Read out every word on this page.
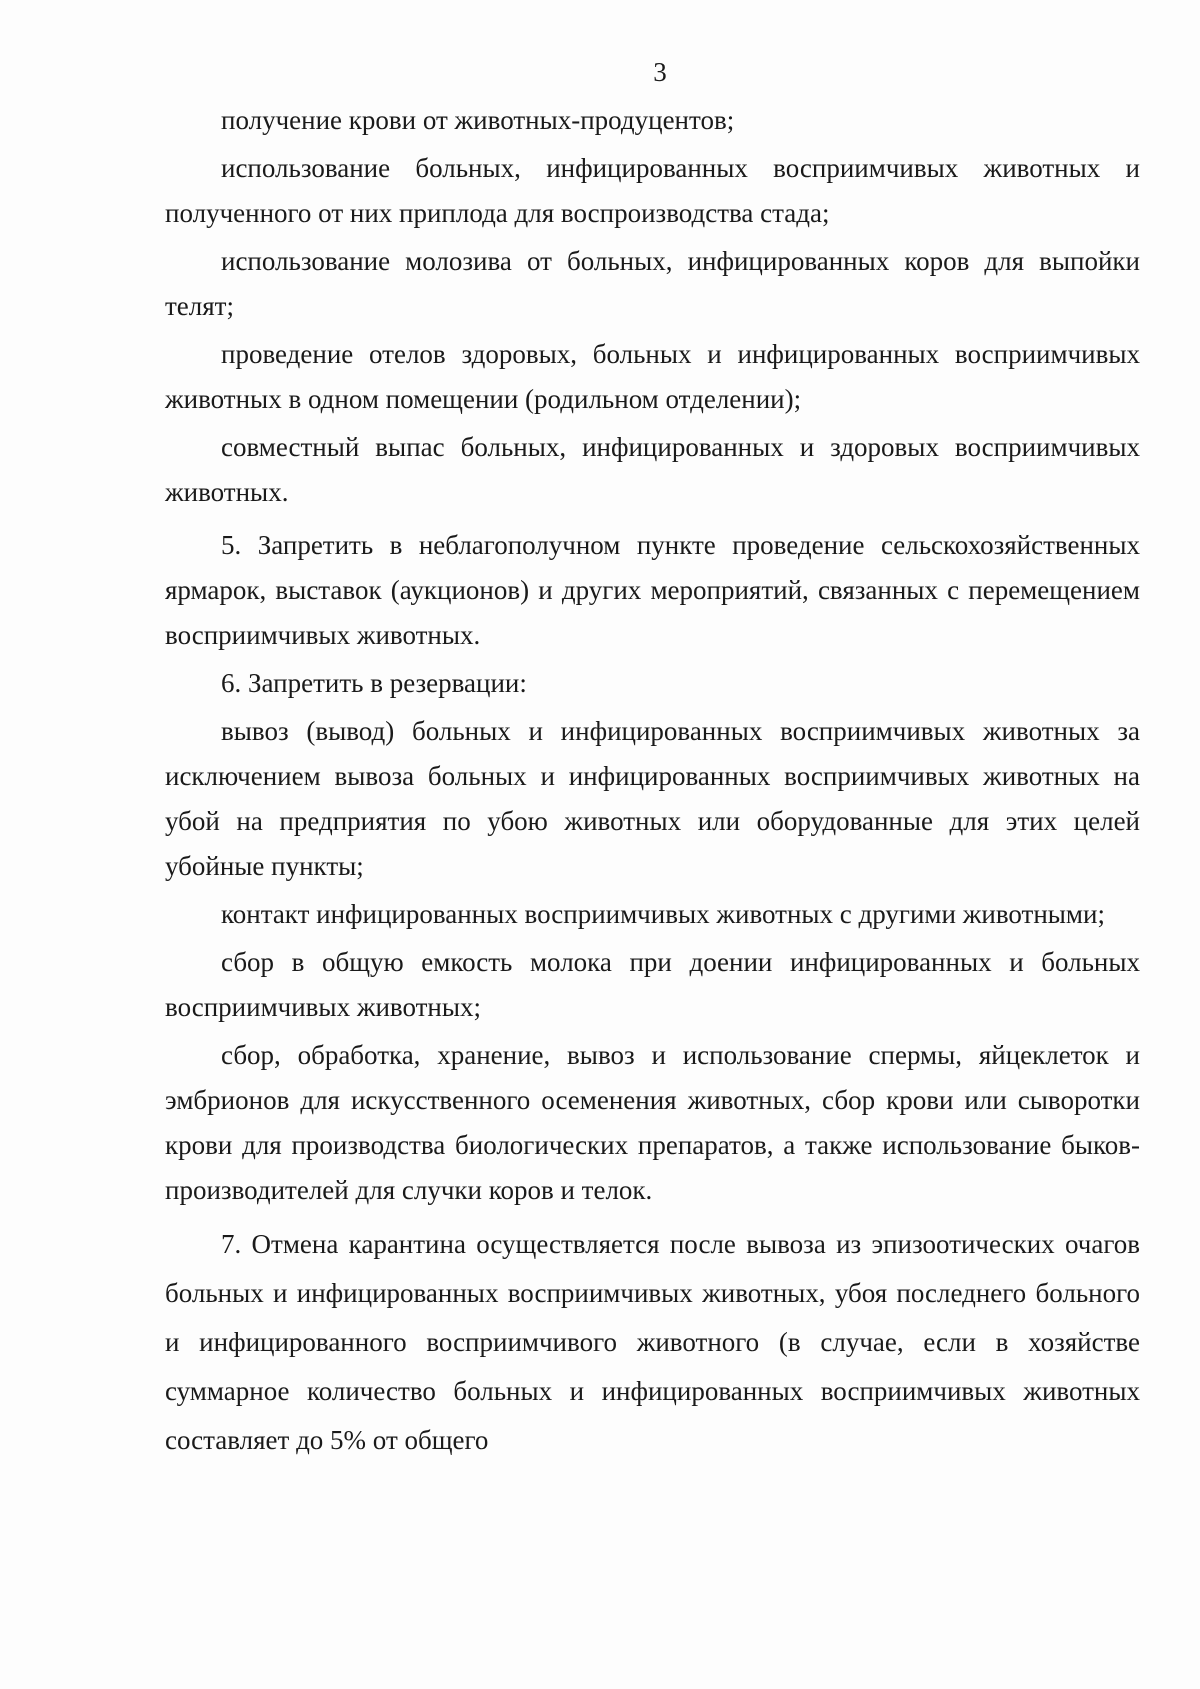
3

получение крови от животных-продуцентов;

использование больных, инфицированных восприимчивых животных и полученного от них приплода для воспроизводства стада;

использование молозива от больных, инфицированных коров для выпойки телят;

проведение отелов здоровых, больных и инфицированных восприимчивых животных в одном помещении (родильном отделении);

совместный выпас больных, инфицированных и здоровых восприимчивых животных.

5. Запретить в неблагополучном пункте проведение сельскохозяйственных ярмарок, выставок (аукционов) и других мероприятий, связанных с перемещением восприимчивых животных.

6. Запретить в резервации:

вывоз (вывод) больных и инфицированных восприимчивых животных за исключением вывоза больных и инфицированных восприимчивых животных на убой на предприятия по убою животных или оборудованные для этих целей убойные пункты;

контакт инфицированных восприимчивых животных с другими животными;

сбор в общую емкость молока при доении инфицированных и больных восприимчивых животных;

сбор, обработка, хранение, вывоз и использование спермы, яйцеклеток и эмбрионов для искусственного осеменения животных, сбор крови или сыворотки крови для производства биологических препаратов, а также использование быков-производителей для случки коров и телок.

7. Отмена карантина осуществляется после вывоза из эпизоотических очагов больных и инфицированных восприимчивых животных, убоя последнего больного и инфицированного восприимчивого животного (в случае, если в хозяйстве суммарное количество больных и инфицированных восприимчивых животных составляет до 5% от общего
